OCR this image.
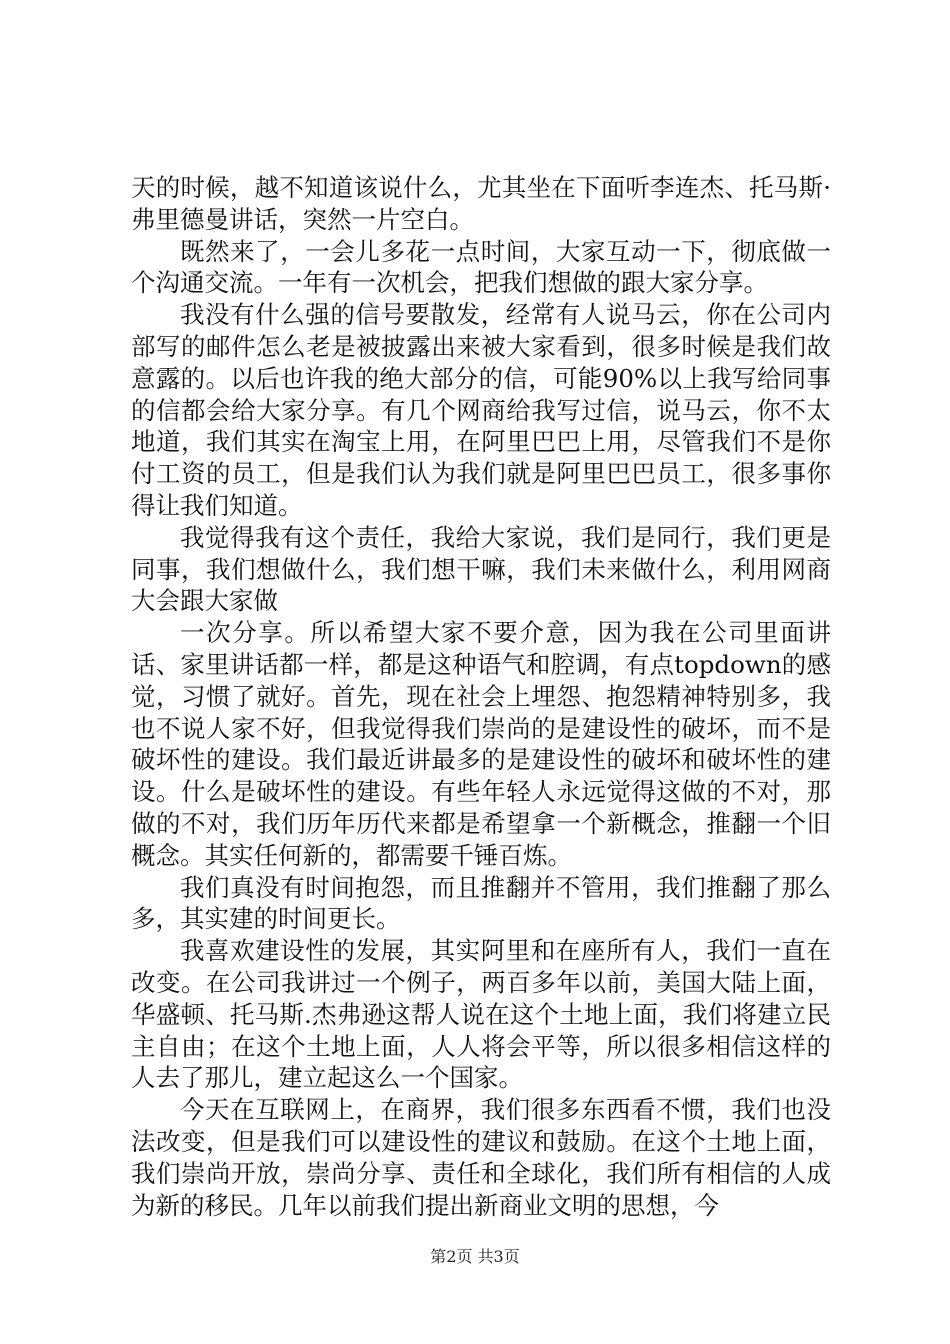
天的时候，越不知道该说什么，尤其坐在下面听李连杰、托马斯·弗里德曼讲话，突然一片空白。

既然来了，一会儿多花一点时间，大家互动一下，彻底做一个沟通交流。一年有一次机会，把我们想做的跟大家分享。

我没有什么强的信号要散发，经常有人说马云，你在公司内部写的邮件怎么老是被披露出来被大家看到，很多时候是我们故意露的。以后也许我的绝大部分的信，可能90%以上我写给同事的信都会给大家分享。有几个网商给我写过信，说马云，你不太地道，我们其实在淘宝上用，在阿里巴巴上用，尽管我们不是你付工资的员工，但是我们认为我们就是阿里巴巴员工，很多事你得让我们知道。

我觉得我有这个责任，我给大家说，我们是同行，我们更是同事，我们想做什么，我们想干嘛，我们未来做什么，利用网商大会跟大家做

一次分享。所以希望大家不要介意，因为我在公司里面讲话、家里讲话都一样，都是这种语气和腔调，有点topdown的感觉，习惯了就好。首先，现在社会上埋怨、抱怨精神特别多，我也不说人家不好，但我觉得我们崇尚的是建设性的破坏，而不是破坏性的建设。我们最近讲最多的是建设性的破坏和破坏性的建设。什么是破坏性的建设。有些年轻人永远觉得这做的不对，那做的不对，我们历年历代来都是希望拿一个新概念，推翻一个旧概念。其实任何新的，都需要千锤百炼。

我们真没有时间抱怨，而且推翻并不管用，我们推翻了那么多，其实建的时间更长。

我喜欢建设性的发展，其实阿里和在座所有人，我们一直在改变。在公司我讲过一个例子，两百多年以前，美国大陆上面，华盛顿、托马斯.杰弗逊这帮人说在这个土地上面，我们将建立民主自由；在这个土地上面，人人将会平等，所以很多相信这样的人去了那儿，建立起这么一个国家。

今天在互联网上，在商界，我们很多东西看不惯，我们也没法改变，但是我们可以建设性的建议和鼓励。在这个土地上面，我们崇尚开放，崇尚分享、责任和全球化，我们所有相信的人成为新的移民。几年以前我们提出新商业文明的思想，今

第2页 共3页
